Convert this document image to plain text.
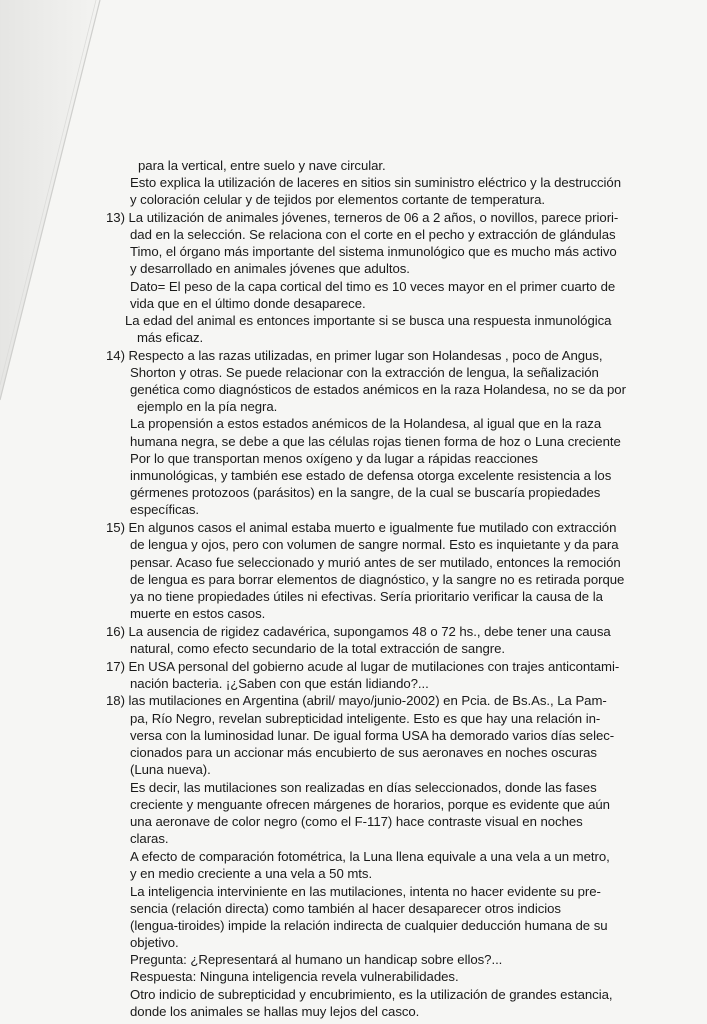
para la vertical, entre suelo y nave circular.
Esto explica la utilización de laceres en sitios sin suministro eléctrico y la destrucción
y coloración celular y de tejidos por elementos cortante de temperatura.
13) La utilización de animales jóvenes, terneros de 06 a 2 años, o novillos, parece priori-
dad en la selección. Se relaciona con el corte en el pecho y extracción de glándulas
Timo, el órgano más importante del sistema inmunológico que es mucho más activo
y desarrollado en animales jóvenes que adultos.
Dato= El peso de la capa cortical del timo es 10 veces mayor en el primer cuarto de
vida que en el último donde desaparece.
La edad del animal es entonces importante si se busca una respuesta inmunológica
más eficaz.
14) Respecto a las razas utilizadas, en primer lugar son Holandesas , poco de Angus,
Shorton y otras. Se puede relacionar con la extracción de lengua, la señalización
genética como diagnósticos de estados anémicos en la raza Holandesa, no se da por
ejemplo en la pía negra.
La propensión a estos estados anémicos de la Holandesa, al igual que en la raza
humana negra, se debe a que las células rojas tienen forma de hoz o Luna creciente
Por lo que transportan menos oxígeno y da lugar a rápidas reacciones
inmunológicas, y también ese estado de defensa otorga excelente resistencia a los
gérmenes protozoos (parásitos) en la sangre, de la cual se buscaría propiedades
específicas.
15) En algunos casos el animal estaba muerto e igualmente fue mutilado con extracción
de lengua y ojos, pero con volumen de sangre normal. Esto es inquietante y da para
pensar. Acaso fue seleccionado y murió antes de ser mutilado, entonces la remoción
de lengua es para borrar elementos de diagnóstico, y la sangre no es retirada porque
ya no tiene propiedades útiles ni efectivas. Sería prioritario verificar la causa de la
muerte en estos casos.
16) La ausencia de rigidez cadavérica, supongamos 48 o 72 hs., debe tener una causa
natural, como efecto secundario de la total extracción de sangre.
17) En USA personal del gobierno acude al lugar de mutilaciones con trajes anticontami-
nación bacteria. ¡¿Saben con que están lidiando?...
18) las mutilaciones en Argentina (abril/ mayo/junio-2002) en Pcia. de Bs.As., La Pam-
pa, Río Negro, revelan subrepticidad inteligente. Esto es que hay una relación in-
versa con la luminosidad lunar. De igual forma USA ha demorado varios días selec-
cionados para un accionar más encubierto de sus aeronaves en noches oscuras
(Luna nueva).
Es decir, las mutilaciones son realizadas en días seleccionados, donde las fases
creciente y menguante ofrecen márgenes de horarios, porque es evidente que aún
una aeronave de color negro (como el F-117) hace contraste visual en noches
claras.
A efecto de comparación fotométrica, la Luna llena equivale a una vela a un metro,
y en medio creciente a una vela a 50 mts.
La inteligencia interviniente en las mutilaciones, intenta no hacer evidente su pre-
sencia (relación directa) como también al hacer desaparecer otros indicios
(lengua-tiroides) impide la relación indirecta de cualquier deducción humana de su
objetivo.
Pregunta: ¿Representará al humano un handicap sobre ellos?...
Respuesta: Ninguna inteligencia revela vulnerabilidades.
Otro indicio de subrepticidad y encubrimiento, es la utilización de grandes estancia,
donde los animales se hallas muy lejos del casco.
